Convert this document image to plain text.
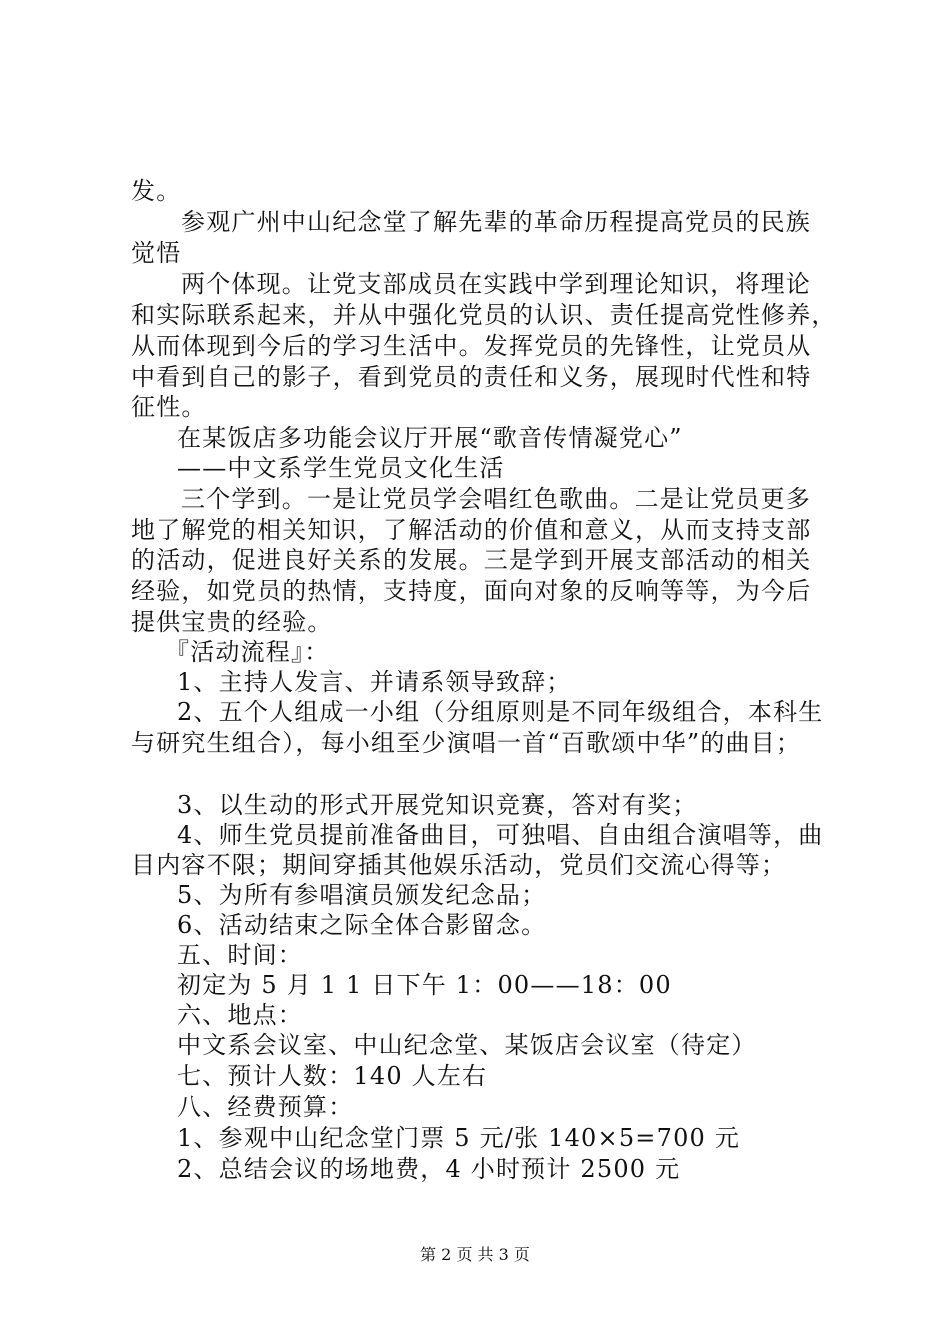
发。
参观广州中山纪念堂了解先辈的革命历程提高党员的民族
觉悟
两个体现。让党支部成员在实践中学到理论知识，将理论
和实际联系起来，并从中强化党员的认识、责任提高党性修养，
从而体现到今后的学习生活中。发挥党员的先锋性，让党员从
中看到自己的影子，看到党员的责任和义务，展现时代性和特
征性。
在某饭店多功能会议厅开展“歌音传情凝党心”
——中文系学生党员文化生活
三个学到。一是让党员学会唱红色歌曲。二是让党员更多
地了解党的相关知识，了解活动的价值和意义，从而支持支部
的活动，促进良好关系的发展。三是学到开展支部活动的相关
经验，如党员的热情，支持度，面向对象的反响等等，为今后
提供宝贵的经验。
『活动流程』：
1、主持人发言、并请系领导致辞；
2、五个人组成一小组（分组原则是不同年级组合，本科生
与研究生组合），每小组至少演唱一首“百歌颂中华”的曲目；
3、以生动的形式开展党知识竞赛，答对有奖；
4、师生党员提前准备曲目，可独唱、自由组合演唱等，曲
目内容不限；期间穿插其他娱乐活动，党员们交流心得等；
5、为所有参唱演员颁发纪念品；
6、活动结束之际全体合影留念。
五、时间：
初定为 5 月 1 1 日下午 1：00——18：00
六、地点：
中文系会议室、中山纪念堂、某饭店会议室（待定）
七、预计人数：140 人左右
八、经费预算：
1、参观中山纪念堂门票 5 元/张 140×5=700 元
2、总结会议的场地费，4 小时预计 2500 元
第 2 页 共 3 页
